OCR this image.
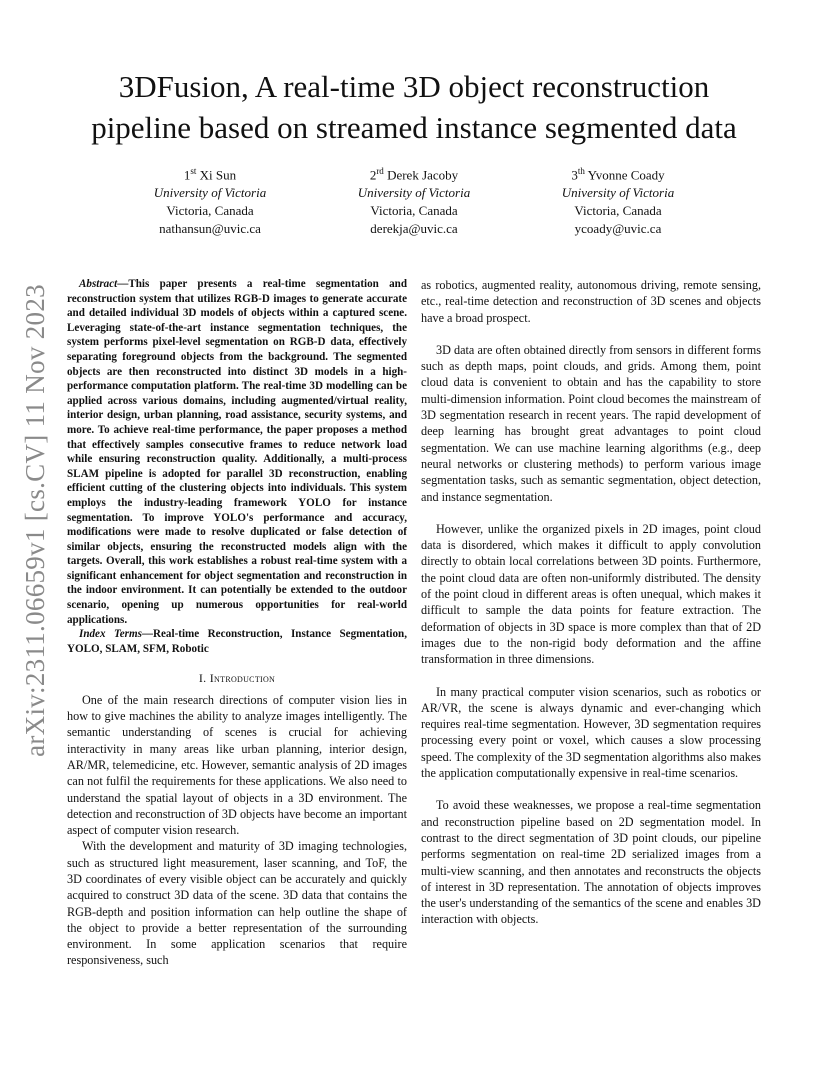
arXiv:2311.06659v1 [cs.CV] 11 Nov 2023
3DFusion, A real-time 3D object reconstruction
pipeline based on streamed instance segmented data
1st Xi Sun
University of Victoria
Victoria, Canada
nathansun@uvic.ca
2rd Derek Jacoby
University of Victoria
Victoria, Canada
derekja@uvic.ca
3th Yvonne Coady
University of Victoria
Victoria, Canada
ycoady@uvic.ca

Abstract—This paper presents a real-time segmentation and reconstruction system that utilizes RGB-D images to generate accurate and detailed individual 3D models of objects within a captured scene. Leveraging state-of-the-art instance segmentation techniques, the system performs pixel-level segmentation on RGB-D data, effectively separating foreground objects from the background. The segmented objects are then reconstructed into distinct 3D models in a high-performance computation platform. The real-time 3D modelling can be applied across various domains, including augmented/virtual reality, interior design, urban planning, road assistance, security systems, and more. To achieve real-time performance, the paper proposes a method that effectively samples consecutive frames to reduce network load while ensuring reconstruction quality. Additionally, a multi-process SLAM pipeline is adopted for parallel 3D reconstruction, enabling efficient cutting of the clustering objects into individuals. This system employs the industry-leading framework YOLO for instance segmentation. To improve YOLO's performance and accuracy, modifications were made to resolve duplicated or false detection of similar objects, ensuring the reconstructed models align with the targets. Overall, this work establishes a robust real-time system with a significant enhancement for object segmentation and reconstruction in the indoor environment. It can potentially be extended to the outdoor scenario, opening up numerous opportunities for real-world applications.

Index Terms—Real-time Reconstruction, Instance Segmentation, YOLO, SLAM, SFM, Robotic

I. Introduction

One of the main research directions of computer vision lies in how to give machines the ability to analyze images intelligently. The semantic understanding of scenes is crucial for achieving interactivity in many areas like urban planning, interior design, AR/MR, telemedicine, etc. However, semantic analysis of 2D images can not fulfil the requirements for these applications. We also need to understand the spatial layout of objects in a 3D environment. The detection and reconstruction of 3D objects have become an important aspect of computer vision research.

With the development and maturity of 3D imaging technologies, such as structured light measurement, laser scanning, and ToF, the 3D coordinates of every visible object can be accurately and quickly acquired to construct 3D data of the scene. 3D data that contains the RGB-depth and position information can help outline the shape of the object to provide a better representation of the surrounding environment. In some application scenarios that require responsiveness, such

as robotics, augmented reality, autonomous driving, remote sensing, etc., real-time detection and reconstruction of 3D scenes and objects have a broad prospect.

3D data are often obtained directly from sensors in different forms such as depth maps, point clouds, and grids. Among them, point cloud data is convenient to obtain and has the capability to store multi-dimension information. Point cloud becomes the mainstream of 3D segmentation research in recent years. The rapid development of deep learning has brought great advantages to point cloud segmentation. We can use machine learning algorithms (e.g., deep neural networks or clustering methods) to perform various image segmentation tasks, such as semantic segmentation, object detection, and instance segmentation.

However, unlike the organized pixels in 2D images, point cloud data is disordered, which makes it difficult to apply convolution directly to obtain local correlations between 3D points. Furthermore, the point cloud data are often non-uniformly distributed. The density of the point cloud in different areas is often unequal, which makes it difficult to sample the data points for feature extraction. The deformation of objects in 3D space is more complex than that of 2D images due to the non-rigid body deformation and the affine transformation in three dimensions.

In many practical computer vision scenarios, such as robotics or AR/VR, the scene is always dynamic and ever-changing which requires real-time segmentation. However, 3D segmentation requires processing every point or voxel, which causes a slow processing speed. The complexity of the 3D segmentation algorithms also makes the application computationally expensive in real-time scenarios.

To avoid these weaknesses, we propose a real-time segmentation and reconstruction pipeline based on 2D segmentation model. In contrast to the direct segmentation of 3D point clouds, our pipeline performs segmentation on real-time 2D serialized images from a multi-view scanning, and then annotates and reconstructs the objects of interest in 3D representation. The annotation of objects improves the user's understanding of the semantics of the scene and enables 3D interaction with objects.
